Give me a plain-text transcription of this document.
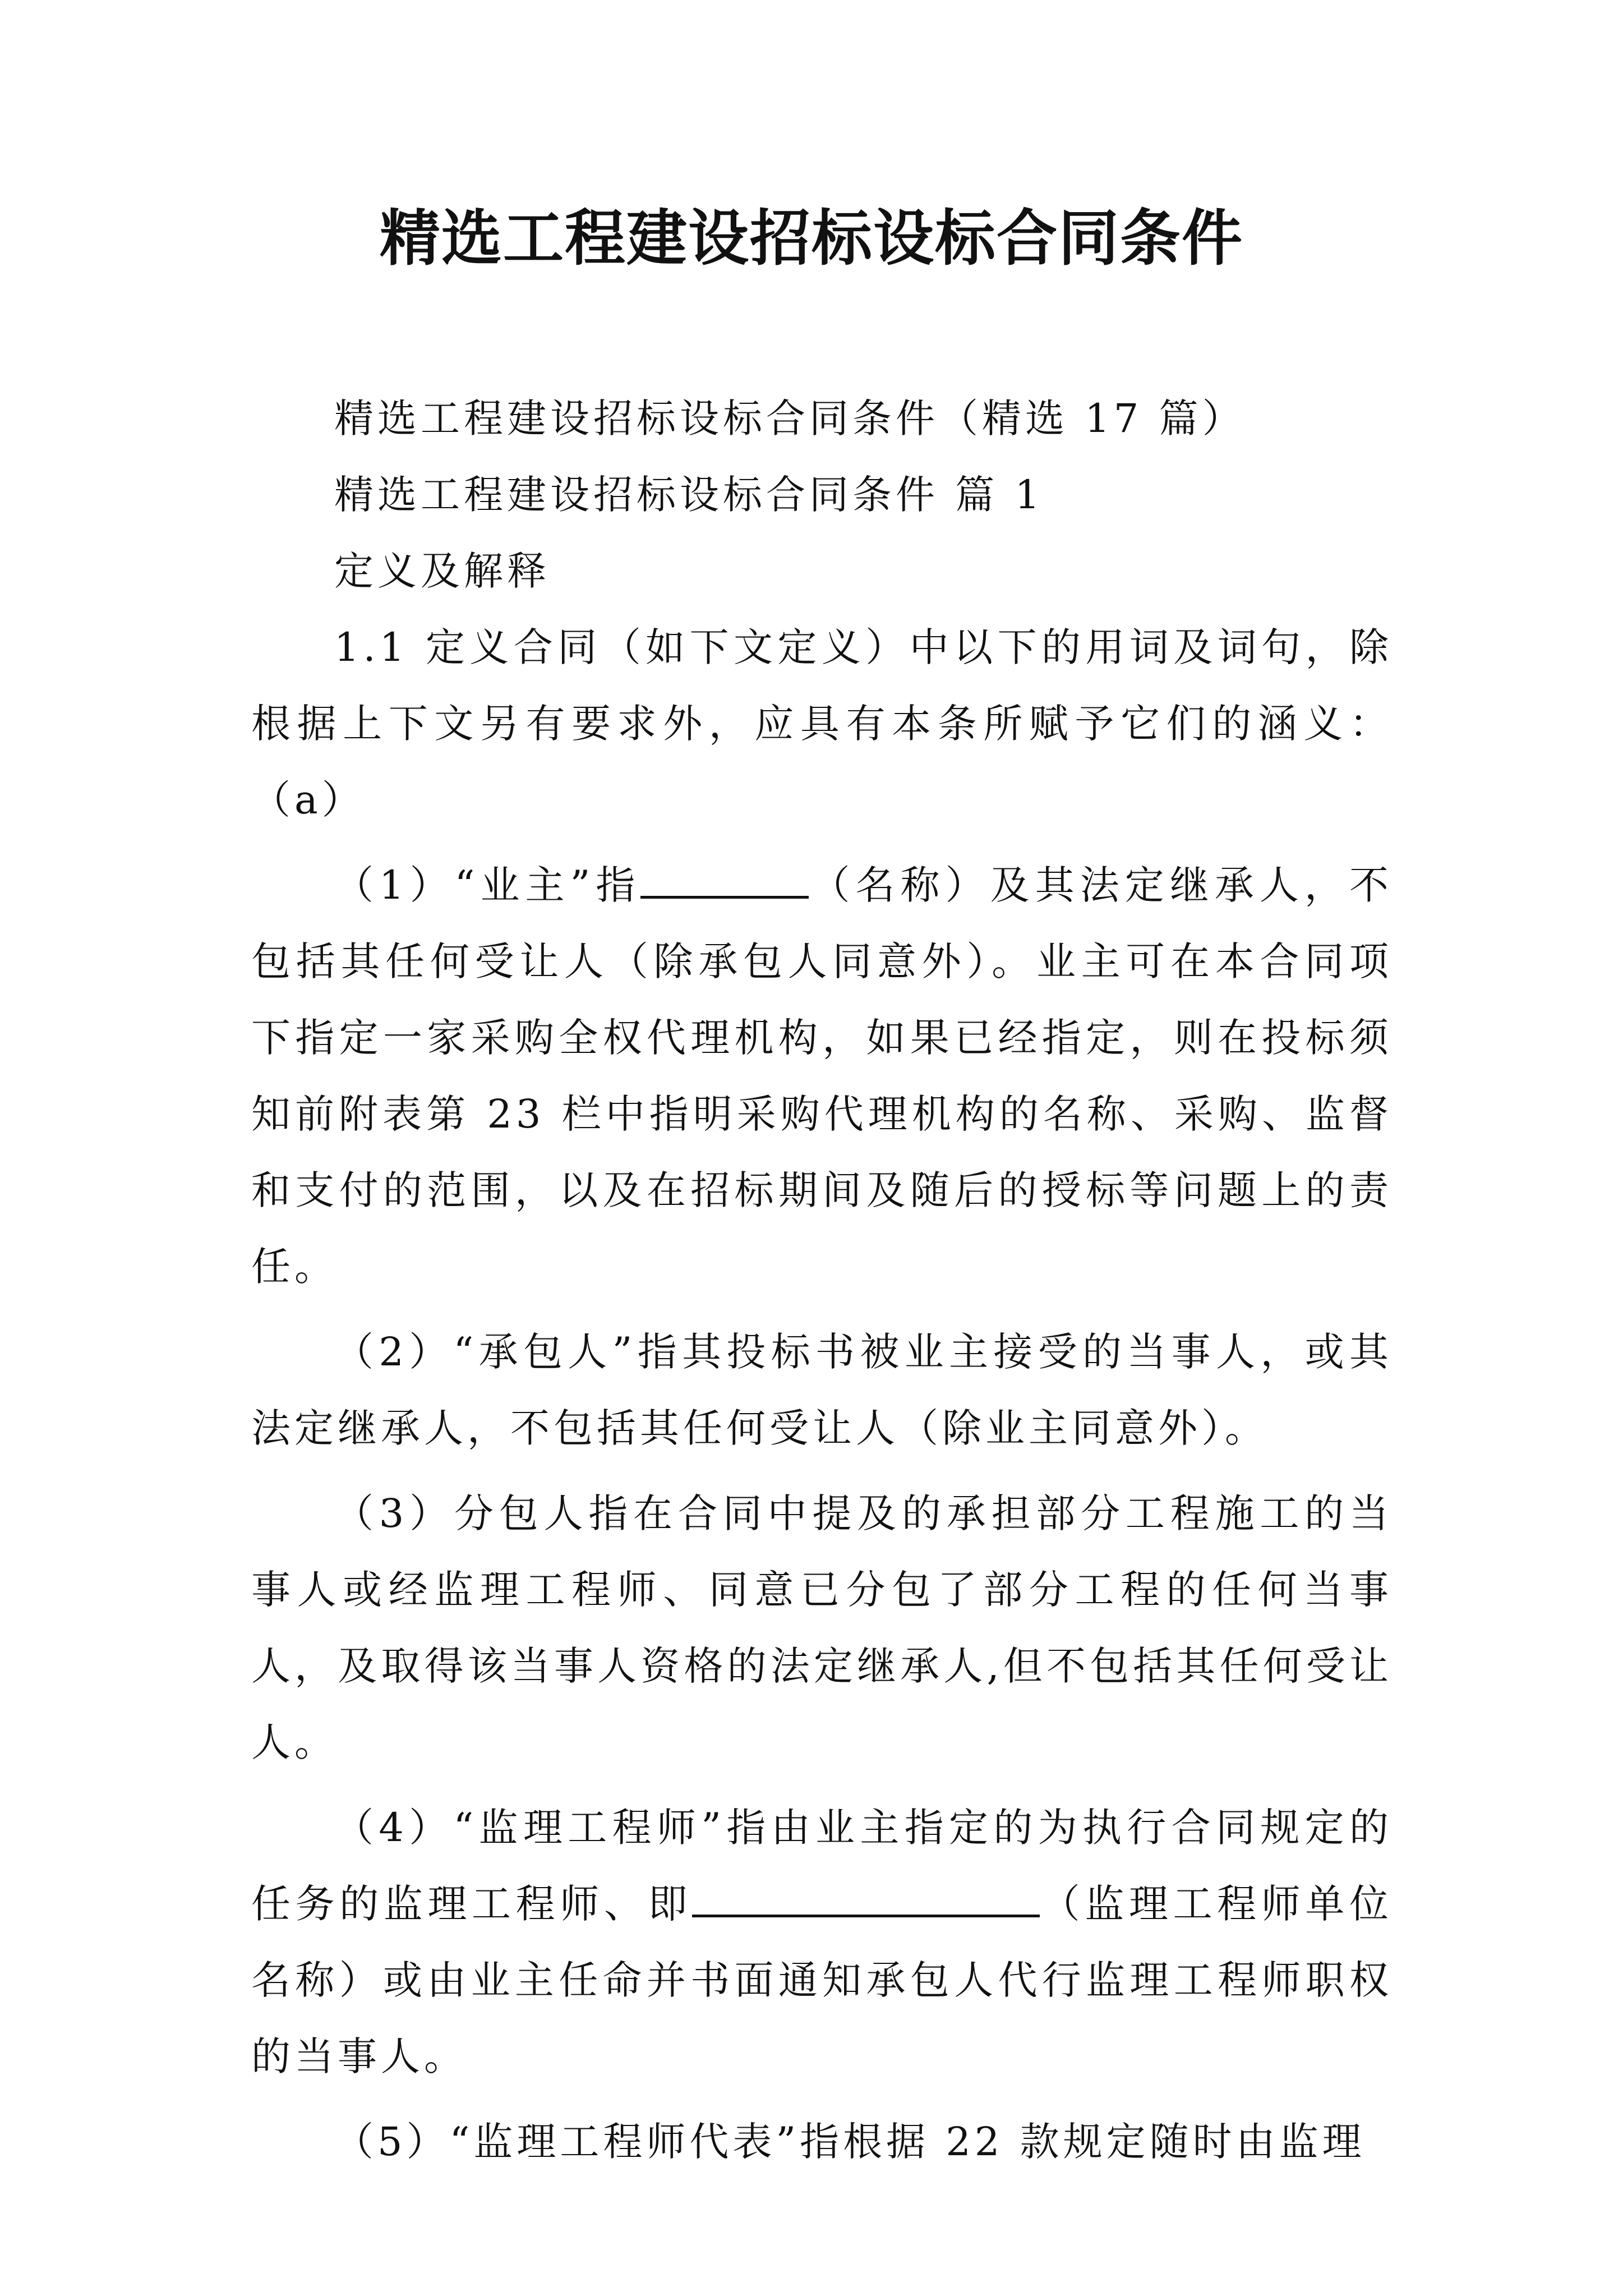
精选工程建设招标设标合同条件

精选工程建设招标设标合同条件（精选 17 篇）

精选工程建设招标设标合同条件 篇 1

定义及解释

1.1 定义合同（如下文定义）中以下的用词及词句，除根据上下文另有要求外，应具有本条所赋予它们的涵义：（a）

（1）“业主”指	（名称）及其法定继承人，不包括其任何受让人（除承包人同意外）。业主可在本合同项下指定一家采购全权代理机构，如果已经指定，则在投标须知前附表第 23 栏中指明采购代理机构的名称、采购、监督和支付的范围，以及在招标期间及随后的授标等问题上的责任。

（2）“承包人”指其投标书被业主接受的当事人，或其法定继承人，不包括其任何受让人（除业主同意外）。

（3）分包人指在合同中提及的承担部分工程施工的当事人或经监理工程师、同意已分包了部分工程的任何当事人，及取得该当事人资格的法定继承人,但不包括其任何受让人。

（4）“监理工程师”指由业主指定的为执行合同规定的任务的监理工程师、即	（监理工程师单位名称）或由业主任命并书面通知承包人代行监理工程师职权的当事人。

（5）“监理工程师代表”指根据 22 款规定随时由监理
